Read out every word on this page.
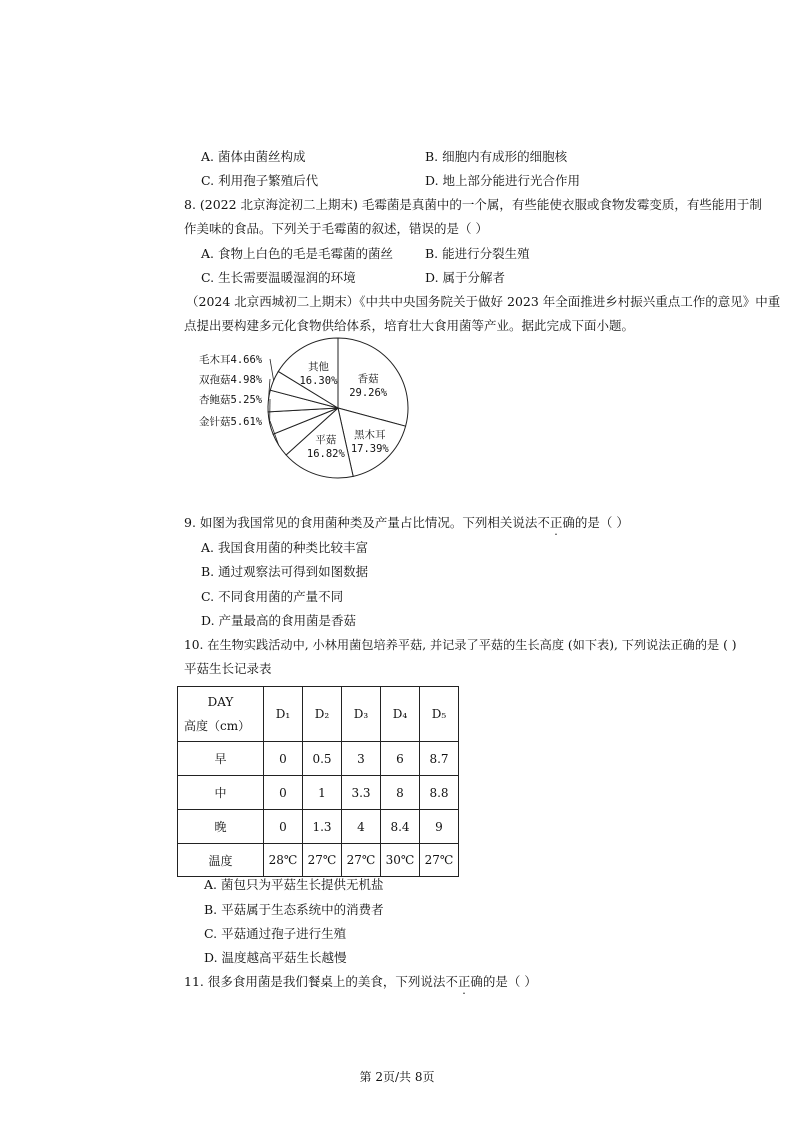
A. 菌体由菌丝构成	B. 细胞内有成形的细胞核
C. 利用孢子繁殖后代	D. 地上部分能进行光合作用
8. (2022 北京海淀初二上期末) 毛霉菌是真菌中的一个属，有些能使衣服或食物发霉变质，有些能用于制
作美味的食品。下列关于毛霉菌的叙述，错误的是（ ）
A. 食物上白色的毛是毛霉菌的菌丝	B. 能进行分裂生殖
C. 生长需要温暖湿润的环境	D. 属于分解者
（2024 北京西城初二上期末）《中共中央国务院关于做好 2023 年全面推进乡村振兴重点工作的意见》中重
点提出要构建多元化食物供给体系，培育壮大食用菌等产业。据此完成下面小题。
香菇
29.26%
黑木耳
17.39%
平菇
16.82%
其他
16.30%
毛木耳4.66%
双孢菇4.98%
杏鲍菇5.25%
金针菇5.61%
9. 如图为我国常见的食用菌种类及产量占比情况。下列相关说法不正确的是（ ）
A. 我国食用菌的种类比较丰富
B. 通过观察法可得到如图数据
C. 不同食用菌的产量不同
D. 产量最高的食用菌是香菇
10. 在生物实践活动中, 小林用菌包培养平菇, 并记录了平菇的生长高度 (如下表), 下列说法正确的是 ( )
平菇生长记录表
DAY
高度（cm）	D₁	D₂	D₃	D₄	D₅
早	0	0.5	3	6	8.7
中	0	1	3.3	8	8.8
晚	0	1.3	4	8.4	9
温度	28℃	27℃	27℃	30℃	27℃
A. 菌包只为平菇生长提供无机盐
B. 平菇属于生态系统中的消费者
C. 平菇通过孢子进行生殖
D. 温度越高平菇生长越慢
11. 很多食用菌是我们餐桌上的美食，下列说法不正确的是（ ）
第 2页/共 8页
